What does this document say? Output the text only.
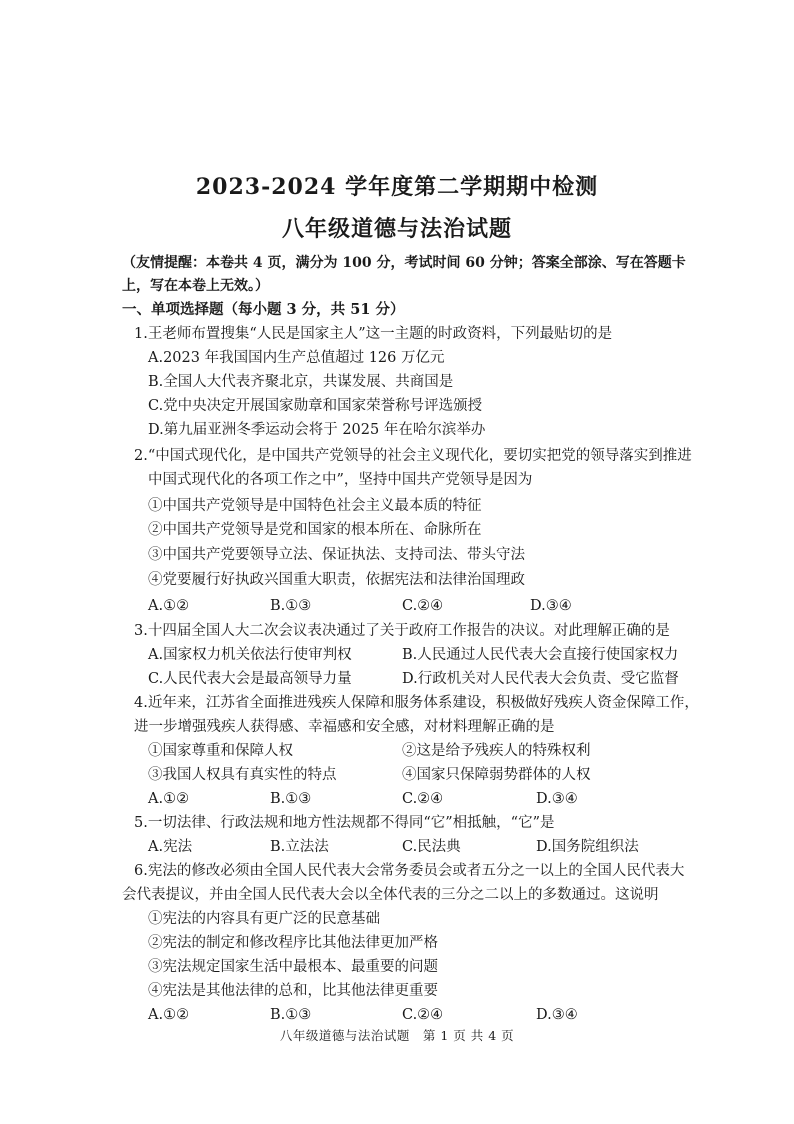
2023-2024 学年度第二学期期中检测
八年级道德与法治试题
（友情提醒：本卷共 4 页，满分为 100 分，考试时间 60 分钟；答案全部涂、写在答题卡
上，写在本卷上无效。）
一、单项选择题（每小题 3 分，共 51 分）
1.王老师布置搜集“人民是国家主人”这一主题的时政资料，下列最贴切的是
A.2023 年我国国内生产总值超过 126 万亿元
B.全国人大代表齐聚北京，共谋发展、共商国是
C.党中央决定开展国家勋章和国家荣誉称号评选颁授
D.第九届亚洲冬季运动会将于 2025 年在哈尔滨举办
2.“中国式现代化，是中国共产党领导的社会主义现代化，要切实把党的领导落实到推进
中国式现代化的各项工作之中”，坚持中国共产党领导是因为
①中国共产党领导是中国特色社会主义最本质的特征
②中国共产党领导是党和国家的根本所在、命脉所在
③中国共产党要领导立法、保证执法、支持司法、带头守法
④党要履行好执政兴国重大职责，依据宪法和法律治国理政
A.①②	B.①③	C.②④	D.③④
3.十四届全国人大二次会议表决通过了关于政府工作报告的决议。对此理解正确的是
A.国家权力机关依法行使审判权	B.人民通过人民代表大会直接行使国家权力
C.人民代表大会是最高领导力量	D.行政机关对人民代表大会负责、受它监督
4.近年来，江苏省全面推进残疾人保障和服务体系建设，积极做好残疾人资金保障工作，
进一步增强残疾人获得感、幸福感和安全感，对材料理解正确的是
①国家尊重和保障人权	②这是给予残疾人的特殊权利
③我国人权具有真实性的特点	④国家只保障弱势群体的人权
A.①②	B.①③	C.②④	D.③④
5.一切法律、行政法规和地方性法规都不得同“它”相抵触，“它”是
A.宪法	B.立法法	C.民法典	D.国务院组织法
6.宪法的修改必须由全国人民代表大会常务委员会或者五分之一以上的全国人民代表大
会代表提议，并由全国人民代表大会以全体代表的三分之二以上的多数通过。这说明
①宪法的内容具有更广泛的民意基础
②宪法的制定和修改程序比其他法律更加严格
③宪法规定国家生活中最根本、最重要的问题
④宪法是其他法律的总和，比其他法律更重要
A.①②	B.①③	C.②④	D.③④
八年级道德与法治试题　第 1 页 共 4 页
